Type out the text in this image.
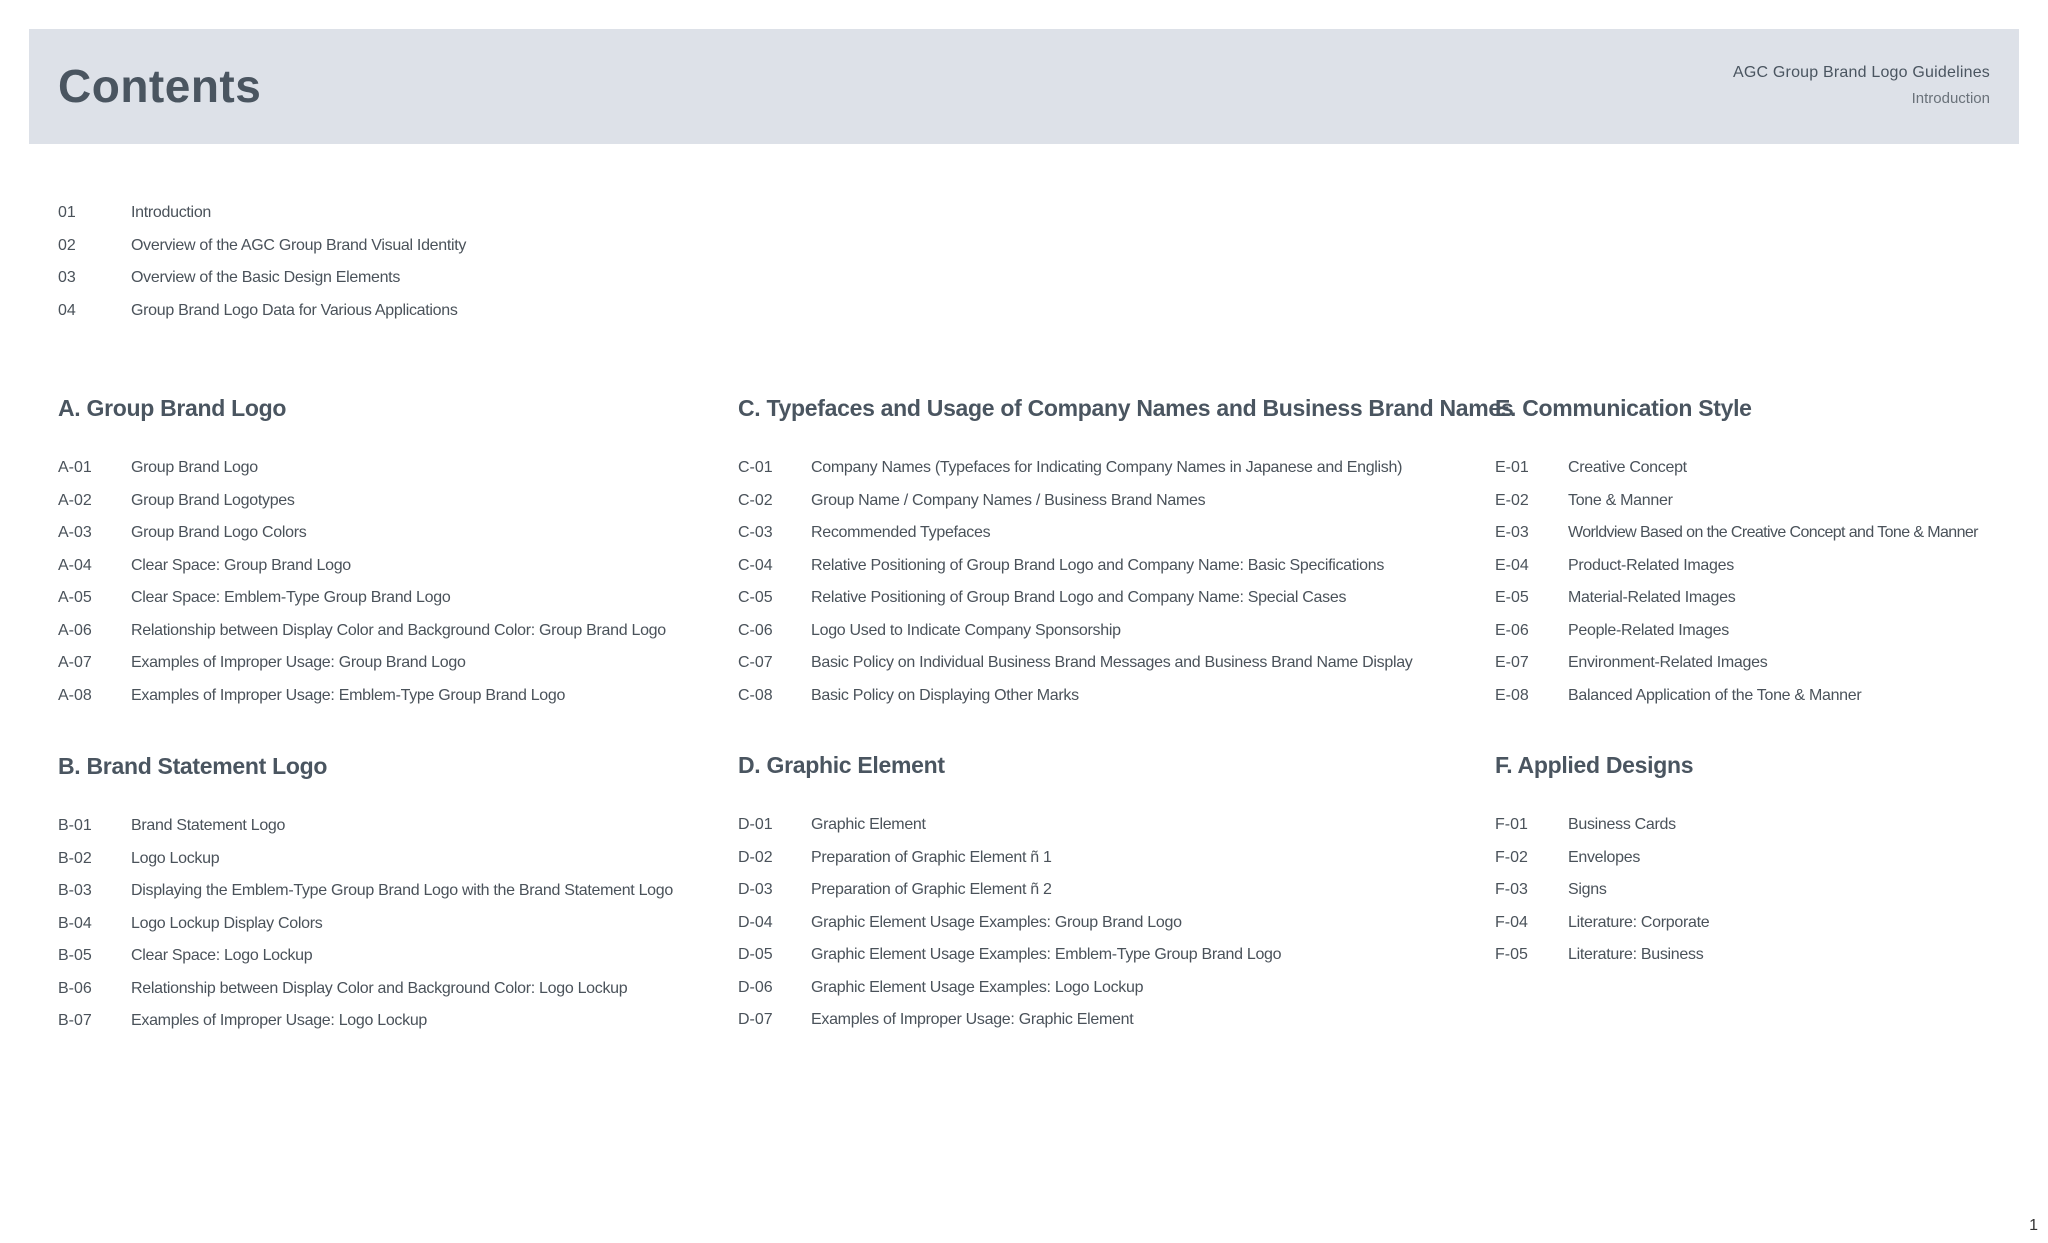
Contents	AGC Group Brand Logo Guidelines
Introduction
01	Introduction
02	Overview of the AGC Group Brand Visual Identity
03	Overview of the Basic Design Elements
04	Group Brand Logo Data for Various Applications
A. Group Brand Logo
A-01	Group Brand Logo
A-02	Group Brand Logotypes
A-03	Group Brand Logo Colors
A-04	Clear Space: Group Brand Logo
A-05	Clear Space: Emblem-Type Group Brand Logo
A-06	Relationship between Display Color and Background Color: Group Brand Logo
A-07	Examples of Improper Usage: Group Brand Logo
A-08	Examples of Improper Usage: Emblem-Type Group Brand Logo
B. Brand Statement Logo
B-01	Brand Statement Logo
B-02	Logo Lockup
B-03	Displaying the Emblem-Type Group Brand Logo with the Brand Statement Logo
B-04	Logo Lockup Display Colors
B-05	Clear Space: Logo Lockup
B-06	Relationship between Display Color and Background Color: Logo Lockup
B-07	Examples of Improper Usage: Logo Lockup
C. Typefaces and Usage of Company Names and Business Brand Names
C-01	Company Names (Typefaces for Indicating Company Names in Japanese and English)
C-02	Group Name / Company Names / Business Brand Names
C-03	Recommended Typefaces
C-04	Relative Positioning of Group Brand Logo and Company Name: Basic Specifications
C-05	Relative Positioning of Group Brand Logo and Company Name: Special Cases
C-06	Logo Used to Indicate Company Sponsorship
C-07	Basic Policy on Individual Business Brand Messages and Business Brand Name Display
C-08	Basic Policy on Displaying Other Marks
D. Graphic Element
D-01	Graphic Element
D-02	Preparation of Graphic Element ñ 1
D-03	Preparation of Graphic Element ñ 2
D-04	Graphic Element Usage Examples: Group Brand Logo
D-05	Graphic Element Usage Examples: Emblem-Type Group Brand Logo
D-06	Graphic Element Usage Examples: Logo Lockup
D-07	Examples of Improper Usage: Graphic Element
E. Communication Style
E-01	Creative Concept
E-02	Tone & Manner
E-03	Worldview Based on the Creative Concept and Tone & Manner
E-04	Product-Related Images
E-05	Material-Related Images
E-06	People-Related Images
E-07	Environment-Related Images
E-08	Balanced Application of the Tone & Manner
F. Applied Designs
F-01	Business Cards
F-02	Envelopes
F-03	Signs
F-04	Literature: Corporate
F-05	Literature: Business
1
